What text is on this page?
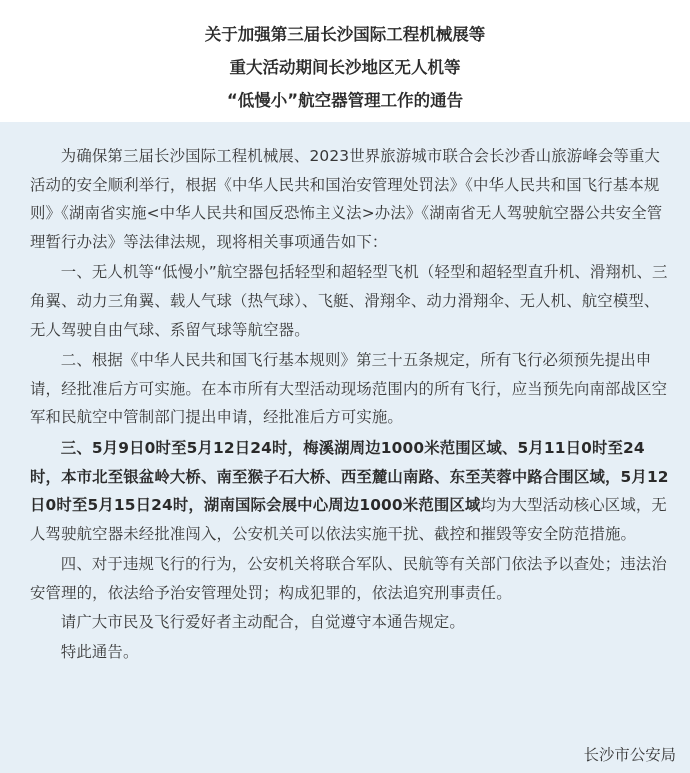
关于加强第三届长沙国际工程机械展等
重大活动期间长沙地区无人机等
“低慢小”航空器管理工作的通告

为确保第三届长沙国际工程机械展、2023世界旅游城市联合会长沙香山旅游峰会等重大活动的安全顺利举行，根据《中华人民共和国治安管理处罚法》《中华人民共和国飞行基本规则》《湖南省实施<中华人民共和国反恐怖主义法>办法》《湖南省无人驾驶航空器公共安全管理暂行办法》等法律法规，现将相关事项通告如下：

一、无人机等“低慢小”航空器包括轻型和超轻型飞机（轻型和超轻型直升机、滑翔机、三角翼、动力三角翼、载人气球（热气球）、飞艇、滑翔伞、动力滑翔伞、无人机、航空模型、无人驾驶自由气球、系留气球等航空器。

二、根据《中华人民共和国飞行基本规则》第三十五条规定，所有飞行必须预先提出申请，经批准后方可实施。在本市所有大型活动现场范围内的所有飞行，应当预先向南部战区空军和民航空中管制部门提出申请，经批准后方可实施。

三、5月9日0时至5月12日24时，梅溪湖周边1000米范围区域、5月11日0时至24时，本市北至银盆岭大桥、南至猴子石大桥、西至麓山南路、东至芙蓉中路合围区域，5月12日0时至5月15日24时，湖南国际会展中心周边1000米范围区域均为大型活动核心区域，无人驾驶航空器未经批准闯入，公安机关可以依法实施干扰、截控和摧毁等安全防范措施。

四、对于违规飞行的行为，公安机关将联合军队、民航等有关部门依法予以查处；违法治安管理的，依法给予治安管理处罚；构成犯罪的，依法追究刑事责任。

请广大市民及飞行爱好者主动配合，自觉遵守本通告规定。

特此通告。

长沙市公安局
